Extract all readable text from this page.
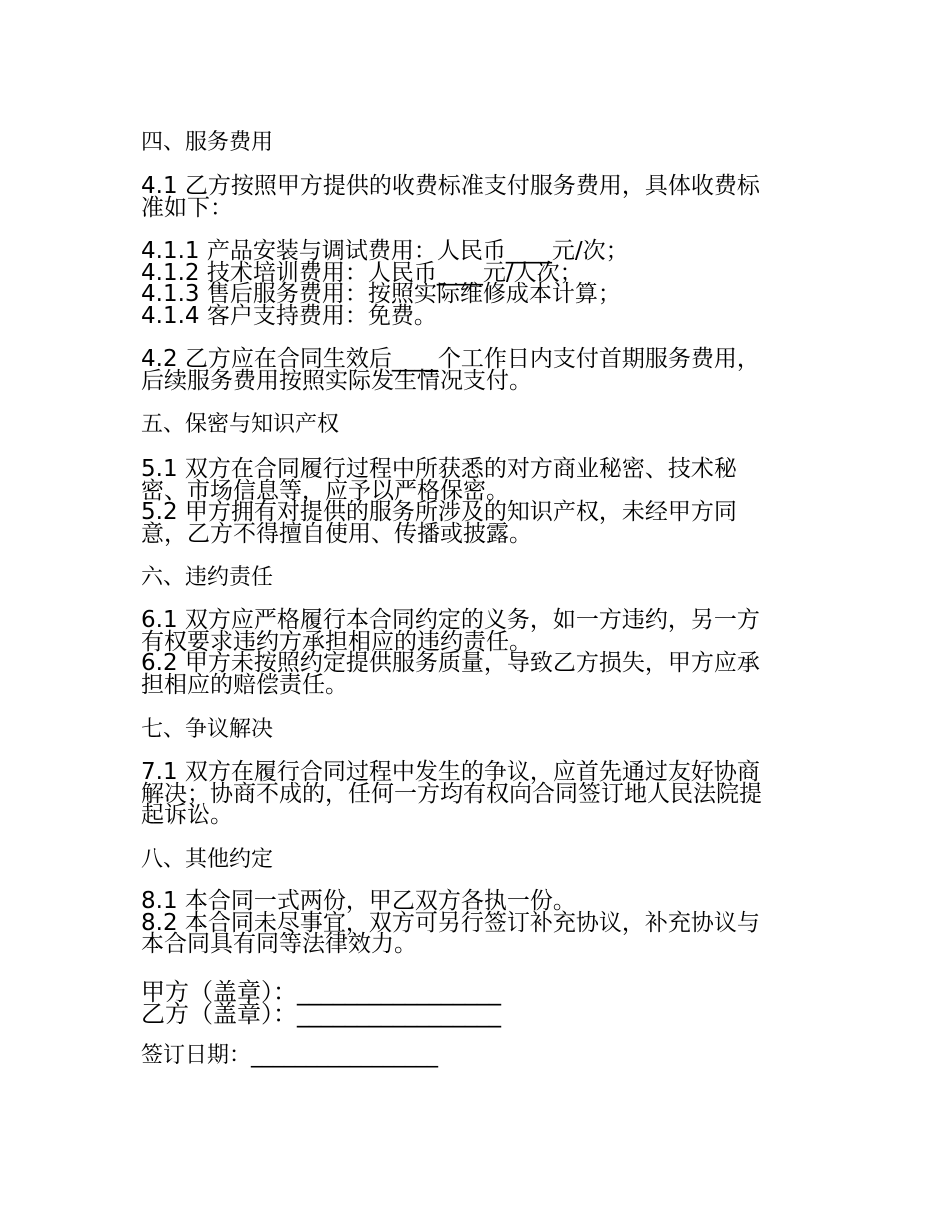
四、服务费用
4.1 乙方按照甲方提供的收费标准支付服务费用，具体收费标
准如下：
4.1.1 产品安装与调试费用：人民币____元/次；
4.1.2 技术培训费用：人民币____元/人次；
4.1.3 售后服务费用：按照实际维修成本计算；
4.1.4 客户支持费用：免费。
4.2 乙方应在合同生效后____个工作日内支付首期服务费用，
后续服务费用按照实际发生情况支付。
五、保密与知识产权
5.1 双方在合同履行过程中所获悉的对方商业秘密、技术秘
密、市场信息等，应予以严格保密。
5.2 甲方拥有对提供的服务所涉及的知识产权，未经甲方同
意，乙方不得擅自使用、传播或披露。
六、违约责任
6.1 双方应严格履行本合同约定的义务，如一方违约，另一方
有权要求违约方承担相应的违约责任。
6.2 甲方未按照约定提供服务质量，导致乙方损失，甲方应承
担相应的赔偿责任。
七、争议解决
7.1 双方在履行合同过程中发生的争议，应首先通过友好协商
解决；协商不成的，任何一方均有权向合同签订地人民法院提
起诉讼。
八、其他约定
8.1 本合同一式两份，甲乙双方各执一份。
8.2 本合同未尽事宜，双方可另行签订补充协议，补充协议与
本合同具有同等法律效力。
甲方（盖章）：_________________
乙方（盖章）：_________________
签订日期：_________________
